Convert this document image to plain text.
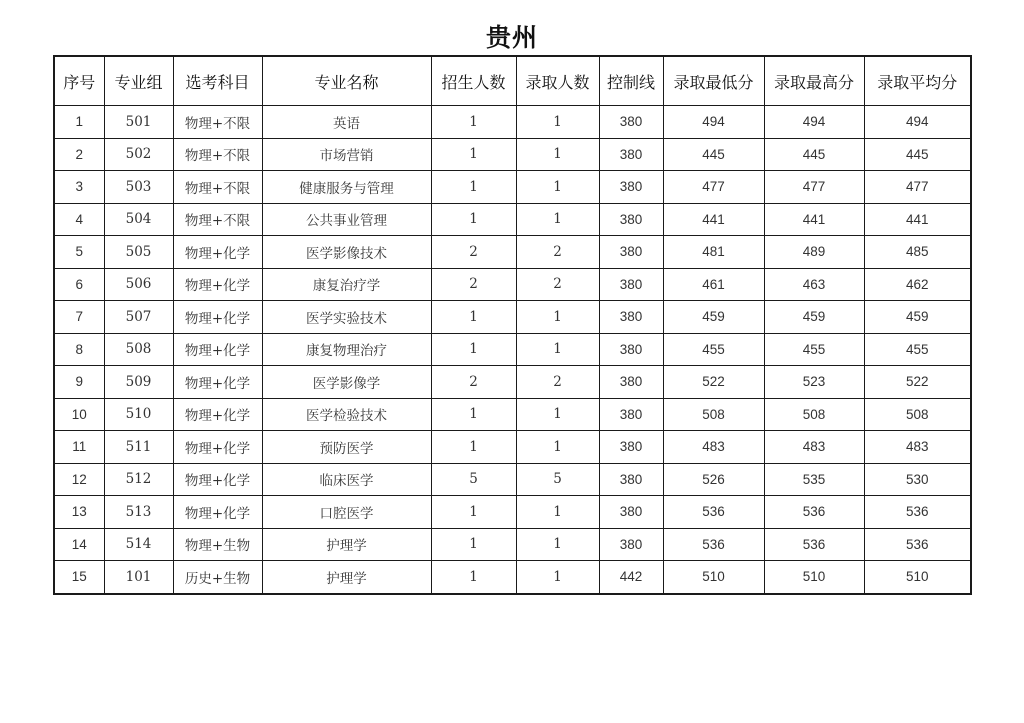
贵州
序号	专业组	选考科目	专业名称	招生人数	录取人数	控制线	录取最低分	录取最高分	录取平均分
1	501	物理+不限	英语	1	1	380	494	494	494
2	502	物理+不限	市场营销	1	1	380	445	445	445
3	503	物理+不限	健康服务与管理	1	1	380	477	477	477
4	504	物理+不限	公共事业管理	1	1	380	441	441	441
5	505	物理+化学	医学影像技术	2	2	380	481	489	485
6	506	物理+化学	康复治疗学	2	2	380	461	463	462
7	507	物理+化学	医学实验技术	1	1	380	459	459	459
8	508	物理+化学	康复物理治疗	1	1	380	455	455	455
9	509	物理+化学	医学影像学	2	2	380	522	523	522
10	510	物理+化学	医学检验技术	1	1	380	508	508	508
11	511	物理+化学	预防医学	1	1	380	483	483	483
12	512	物理+化学	临床医学	5	5	380	526	535	530
13	513	物理+化学	口腔医学	1	1	380	536	536	536
14	514	物理+生物	护理学	1	1	380	536	536	536
15	101	历史+生物	护理学	1	1	442	510	510	510
